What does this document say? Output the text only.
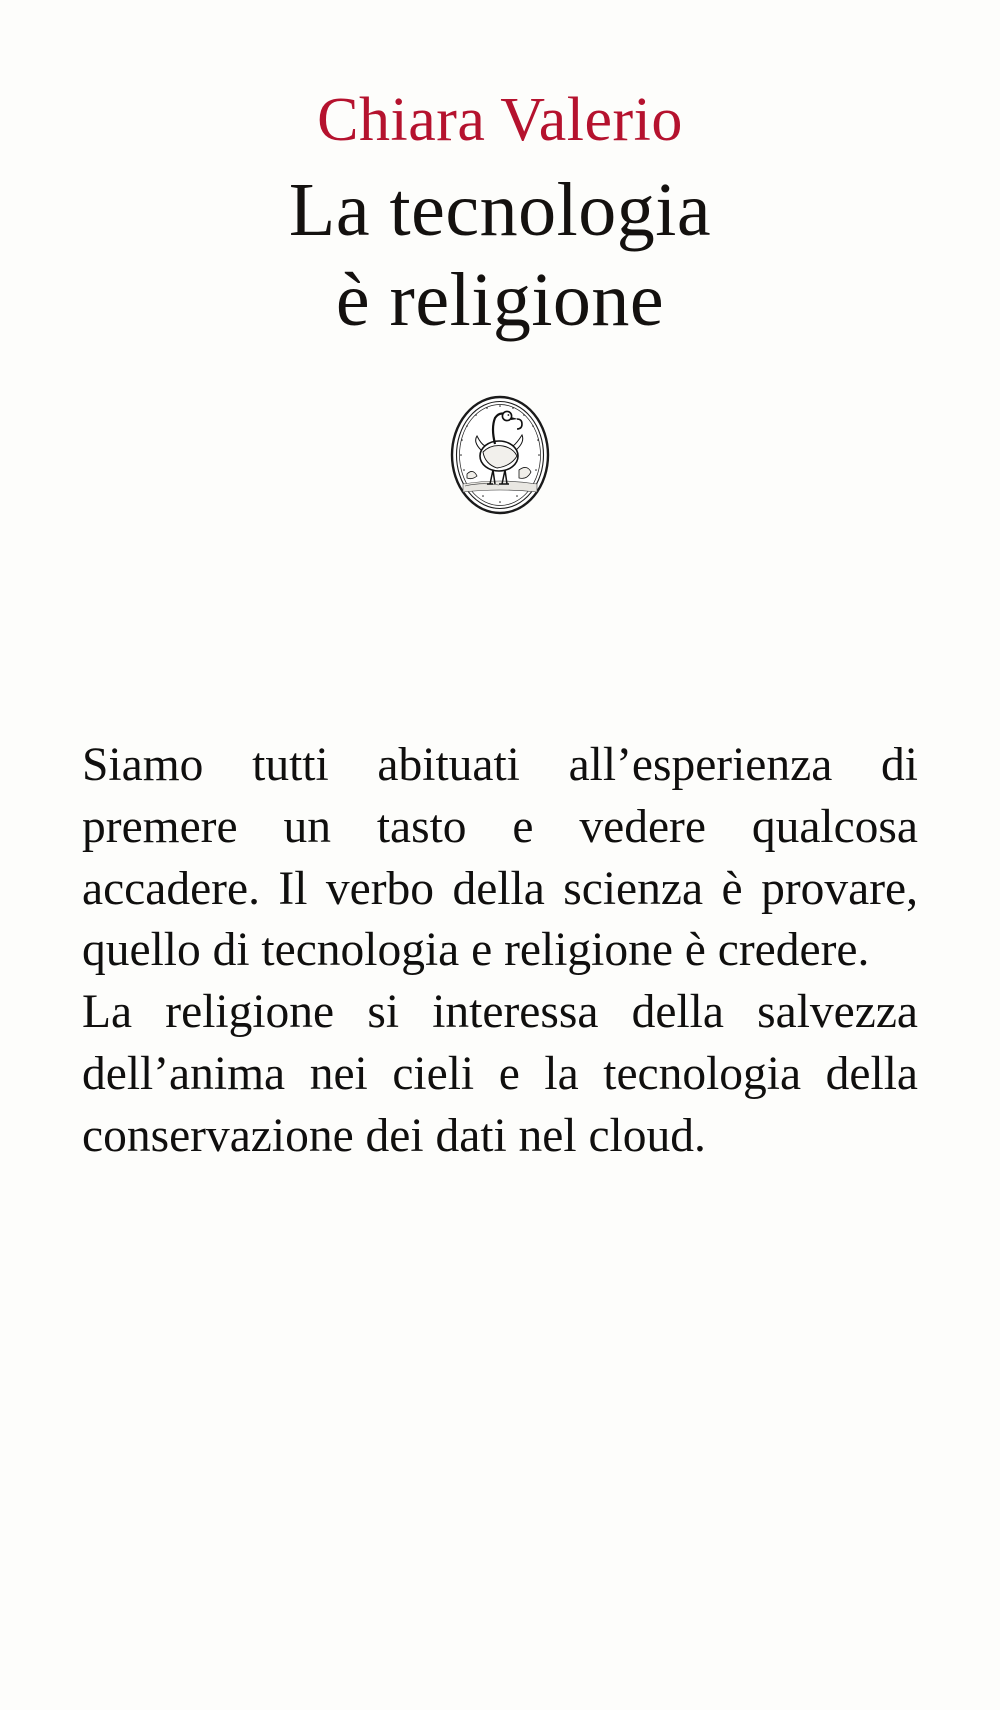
Chiara Valerio
La tecnologia
è religione

Siamo tutti abituati all’esperienza di premere un tasto e vedere qualcosa accadere. Il verbo della scienza è provare, quello di tecnologia e religione è credere.

La religione si interessa della salvezza dell’anima nei cieli e la tecnologia della conservazione dei dati nel cloud.
